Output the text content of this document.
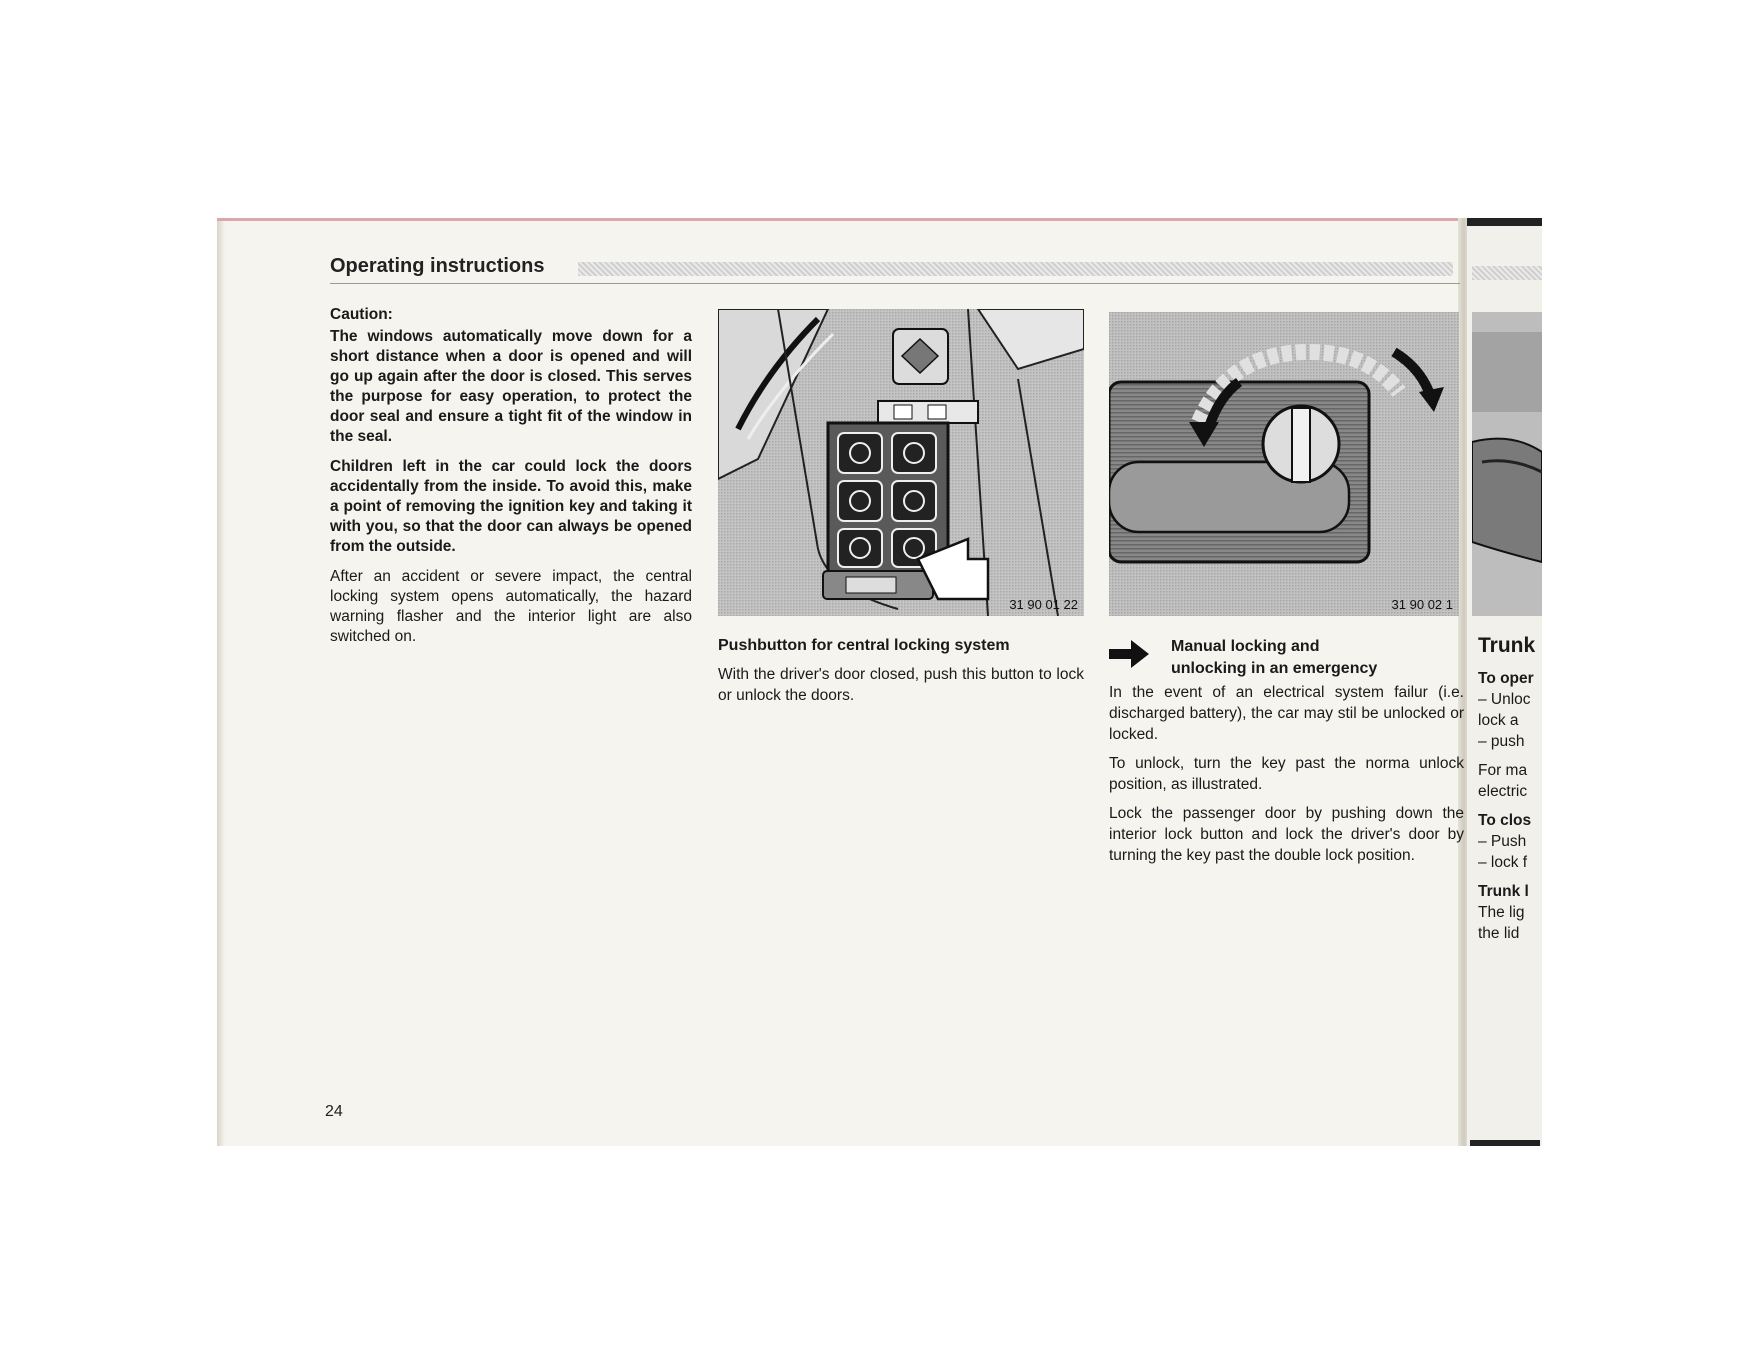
Operating instructions

Caution:

The windows automatically move down for a short distance when a door is opened and will go up again after the door is closed. This serves the purpose for easy operation, to protect the door seal and ensure a tight fit of the window in the seal.

Children left in the car could lock the doors accidentally from the inside. To avoid this, make a point of removing the ignition key and taking it with you, so that the door can always be opened from the outside.

After an accident or severe impact, the central locking system opens automatically, the hazard warning flasher and the interior light are also switched on.

31 90 01 22	31 90 02 1

Pushbutton for central locking system

With the driver's door closed, push this button to lock or unlock the doors.

Manual locking and
unlocking in an emergency

In the event of an electrical system failur (i.e. discharged battery), the car may stil be unlocked or locked.

To unlock, turn the key past the norma unlock position, as illustrated.

Lock the passenger door by pushing down the interior lock button and lock the driver's door by turning the key past the double lock position.

Trunk

To oper

– Unloc

lock a

– push

For ma

electric

To clos

– Push

– lock f

Trunk l

The lig

the lid

24
